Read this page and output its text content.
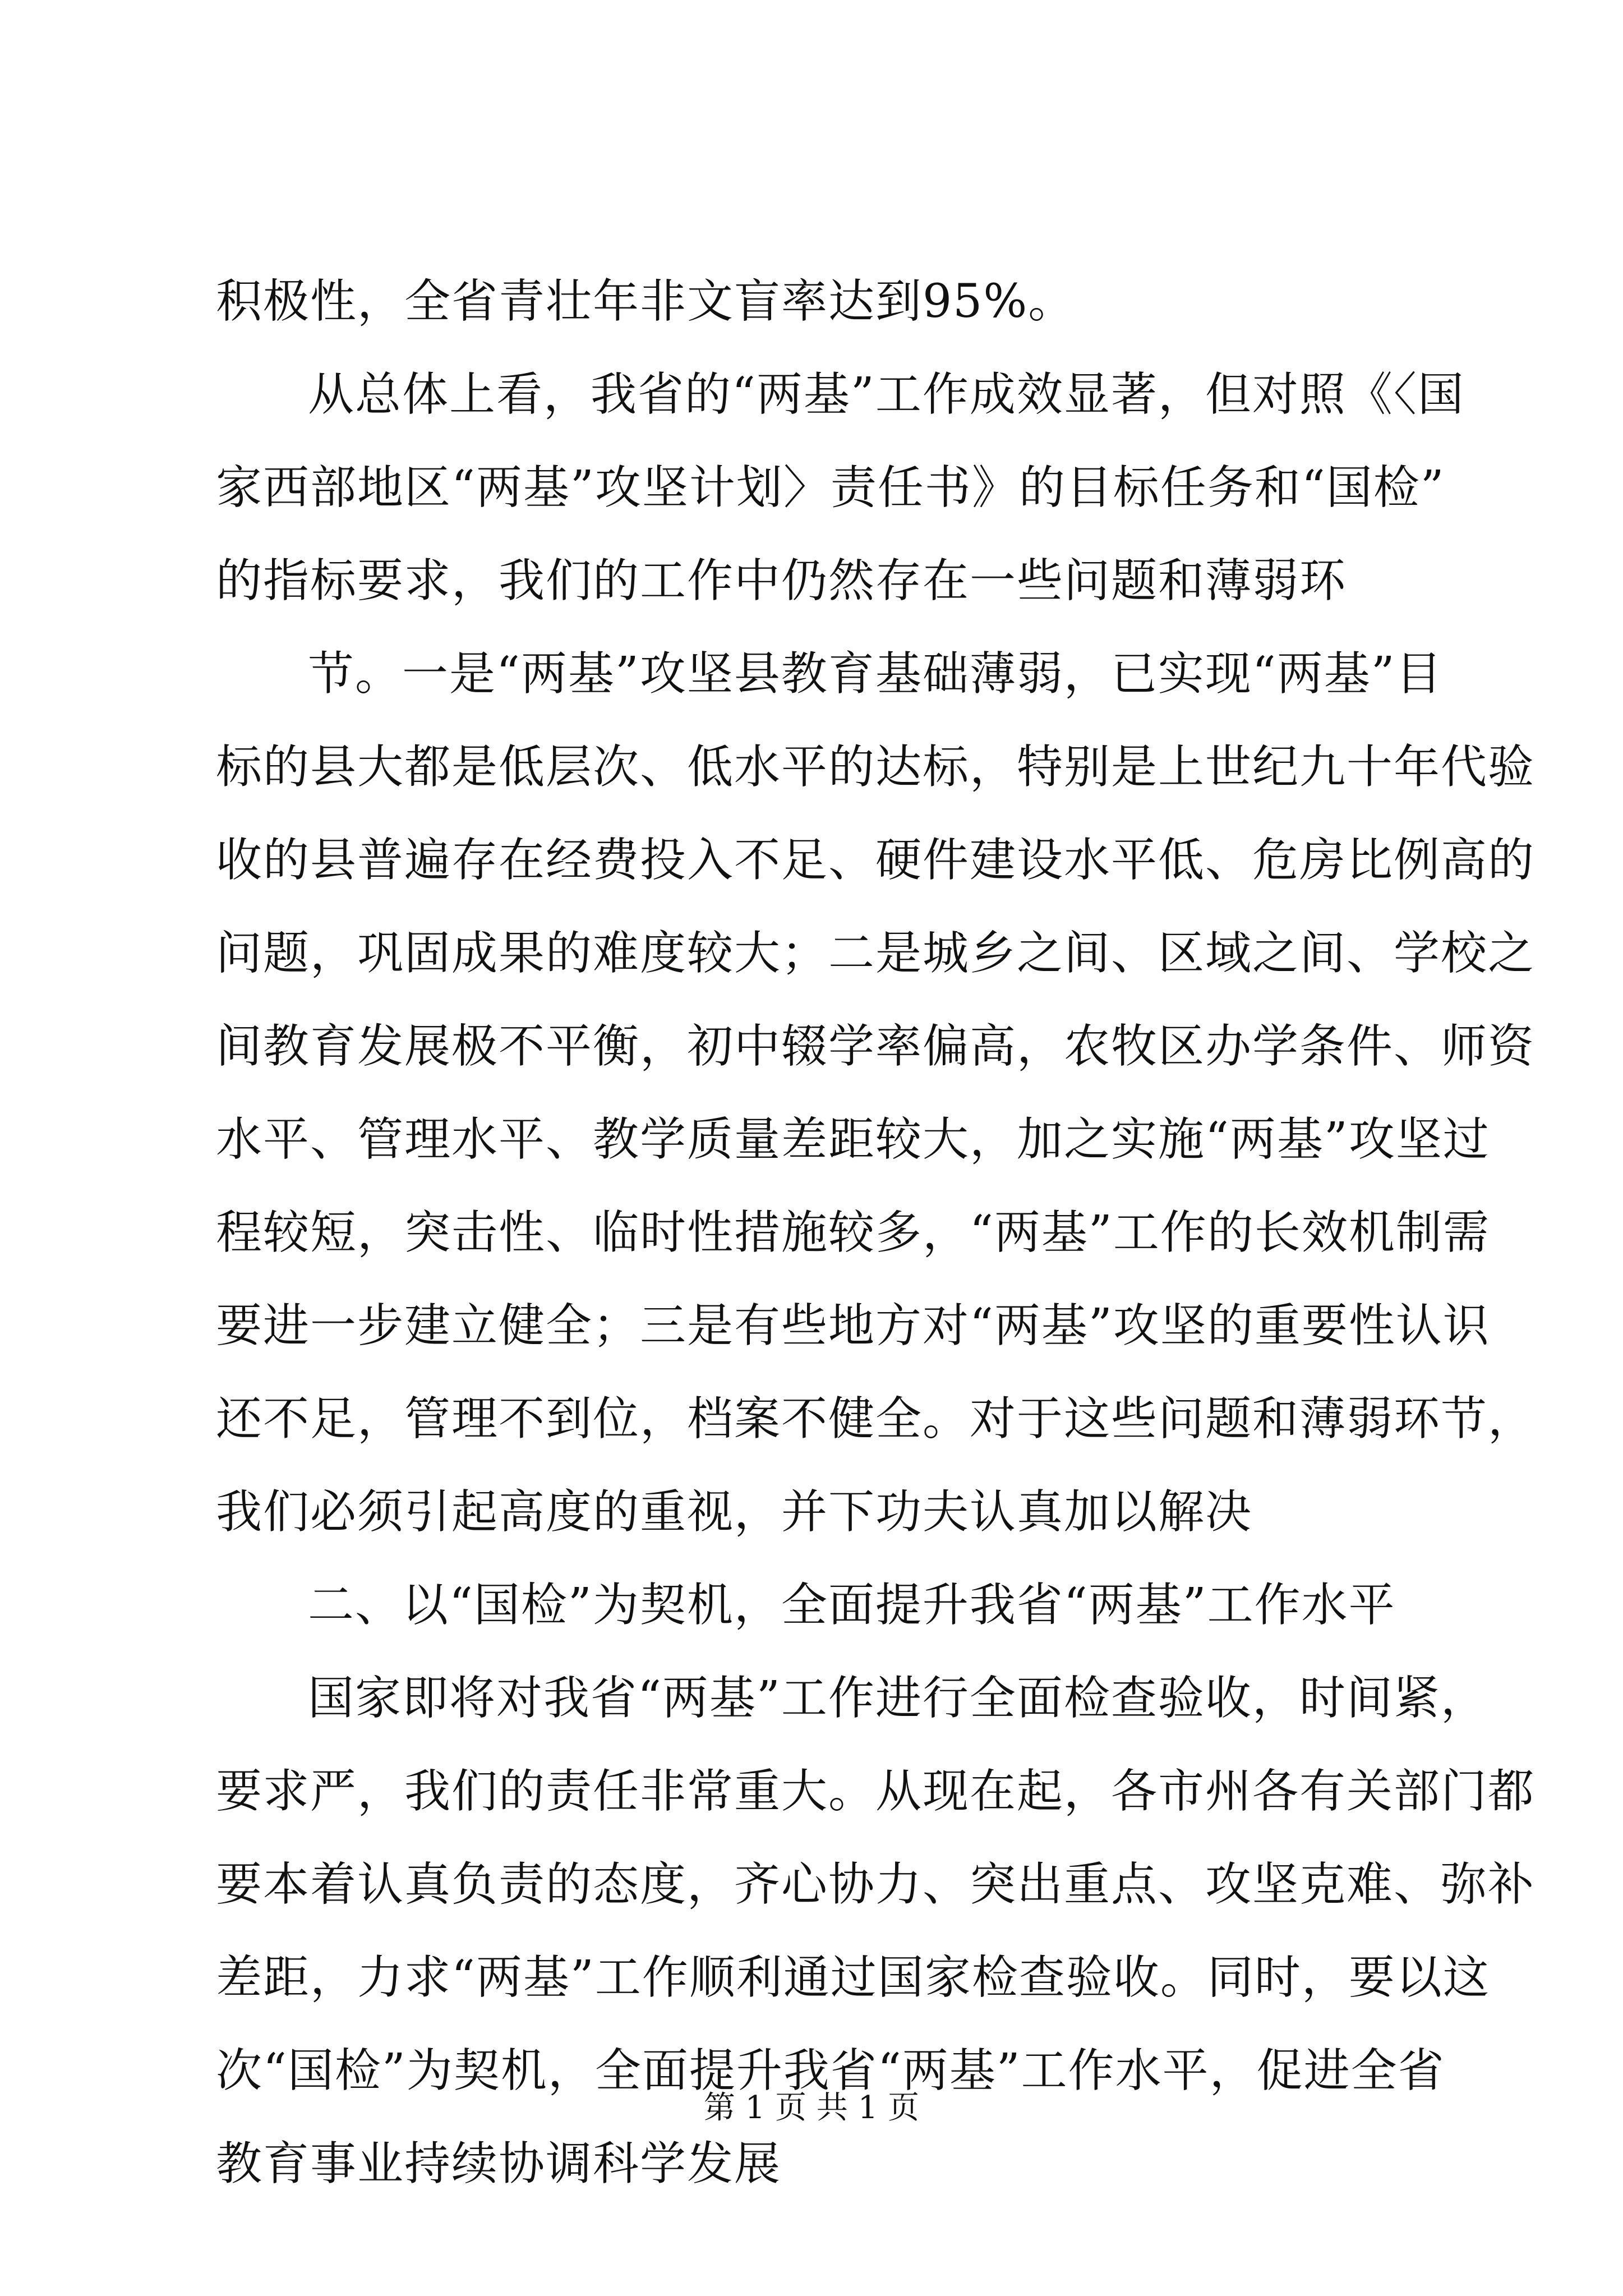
积极性，全省青壮年非文盲率达到95%。
从总体上看，我省的“两基”工作成效显著，但对照《〈国
家西部地区“两基”攻坚计划〉责任书》的目标任务和“国检”
的指标要求，我们的工作中仍然存在一些问题和薄弱环
节。一是“两基”攻坚县教育基础薄弱，已实现“两基”目
标的县大都是低层次、低水平的达标，特别是上世纪九十年代验
收的县普遍存在经费投入不足、硬件建设水平低、危房比例高的
问题，巩固成果的难度较大；二是城乡之间、区域之间、学校之
间教育发展极不平衡，初中辍学率偏高，农牧区办学条件、师资
水平、管理水平、教学质量差距较大，加之实施“两基”攻坚过
程较短，突击性、临时性措施较多，“两基”工作的长效机制需
要进一步建立健全；三是有些地方对“两基”攻坚的重要性认识
还不足，管理不到位，档案不健全。对于这些问题和薄弱环节，
我们必须引起高度的重视，并下功夫认真加以解决
二、以“国检”为契机，全面提升我省“两基”工作水平
国家即将对我省“两基”工作进行全面检查验收，时间紧，
要求严，我们的责任非常重大。从现在起，各市州各有关部门都
要本着认真负责的态度，齐心协力、突出重点、攻坚克难、弥补
差距，力求“两基”工作顺利通过国家检查验收。同时，要以这
次“国检”为契机，全面提升我省“两基”工作水平，促进全省
教育事业持续协调科学发展
第 1 页 共 1 页
